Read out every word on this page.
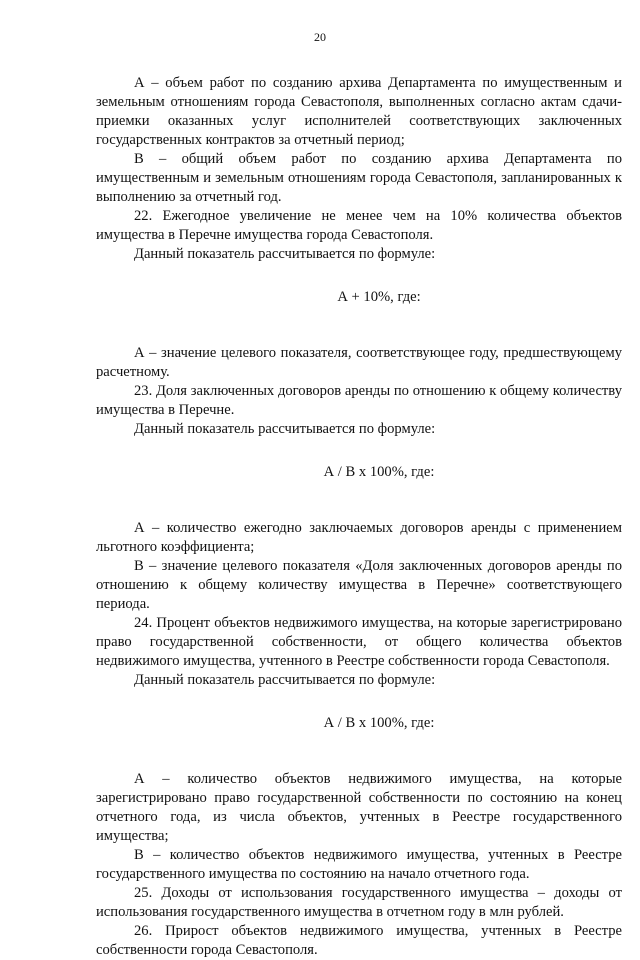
20

А – объем работ по созданию архива Департамента по имущественным и земельным отношениям города Севастополя, выполненных согласно актам сдачи-приемки оказанных услуг исполнителей соответствующих заключенных государственных контрактов за отчетный период;

В – общий объем работ по созданию архива Департамента по имущественным и земельным отношениям города Севастополя, запланированных к выполнению за отчетный год.

22. Ежегодное увеличение не менее чем на 10% количества объектов имущества в Перечне имущества города Севастополя.

Данный показатель рассчитывается по формуле:

А + 10%, где:

А – значение целевого показателя, соответствующее году, предшествующему расчетному.

23. Доля заключенных договоров аренды по отношению к общему количеству имущества в Перечне.

Данный показатель рассчитывается по формуле:

А / В х 100%, где:

А – количество ежегодно заключаемых договоров аренды с применением льготного коэффициента;

В – значение целевого показателя «Доля заключенных договоров аренды по отношению к общему количеству имущества в Перечне» соответствующего периода.

24. Процент объектов недвижимого имущества, на которые зарегистрировано право государственной собственности, от общего количества объектов недвижимого имущества, учтенного в Реестре собственности города Севастополя.

Данный показатель рассчитывается по формуле:

А / В х 100%, где:

А – количество объектов недвижимого имущества, на которые зарегистрировано право государственной собственности по состоянию на конец отчетного года, из числа объектов, учтенных в Реестре государственного имущества;

В – количество объектов недвижимого имущества, учтенных в Реестре государственного имущества по состоянию на начало отчетного года.

25. Доходы от использования государственного имущества – доходы от использования государственного имущества в отчетном году в млн рублей.

26. Прирост объектов недвижимого имущества, учтенных в Реестре собственности города Севастополя.
